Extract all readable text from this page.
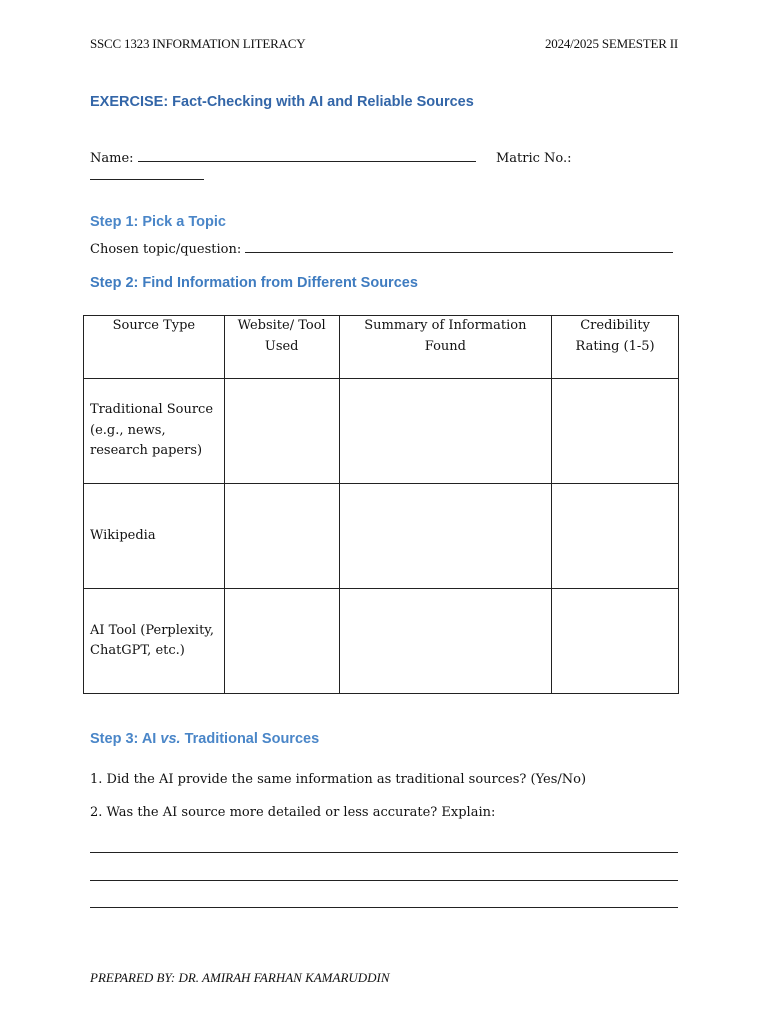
SSCC 1323 INFORMATION LITERACY	2024/2025 SEMESTER II
EXERCISE: Fact-Checking with AI and Reliable Sources
Name:	Matric No.:
Step 1: Pick a Topic
Chosen topic/question:
Step 2: Find Information from Different Sources
Source Type	Website/ Tool Used	Summary of Information Found	Credibility Rating (1-5)
Traditional Source (e.g., news, research papers)			
Wikipedia			
AI Tool (Perplexity, ChatGPT, etc.)			
Step 3: AI vs. Traditional Sources
1. Did the AI provide the same information as traditional sources? (Yes/No)
2. Was the AI source more detailed or less accurate? Explain:
PREPARED BY: DR. AMIRAH FARHAN KAMARUDDIN
